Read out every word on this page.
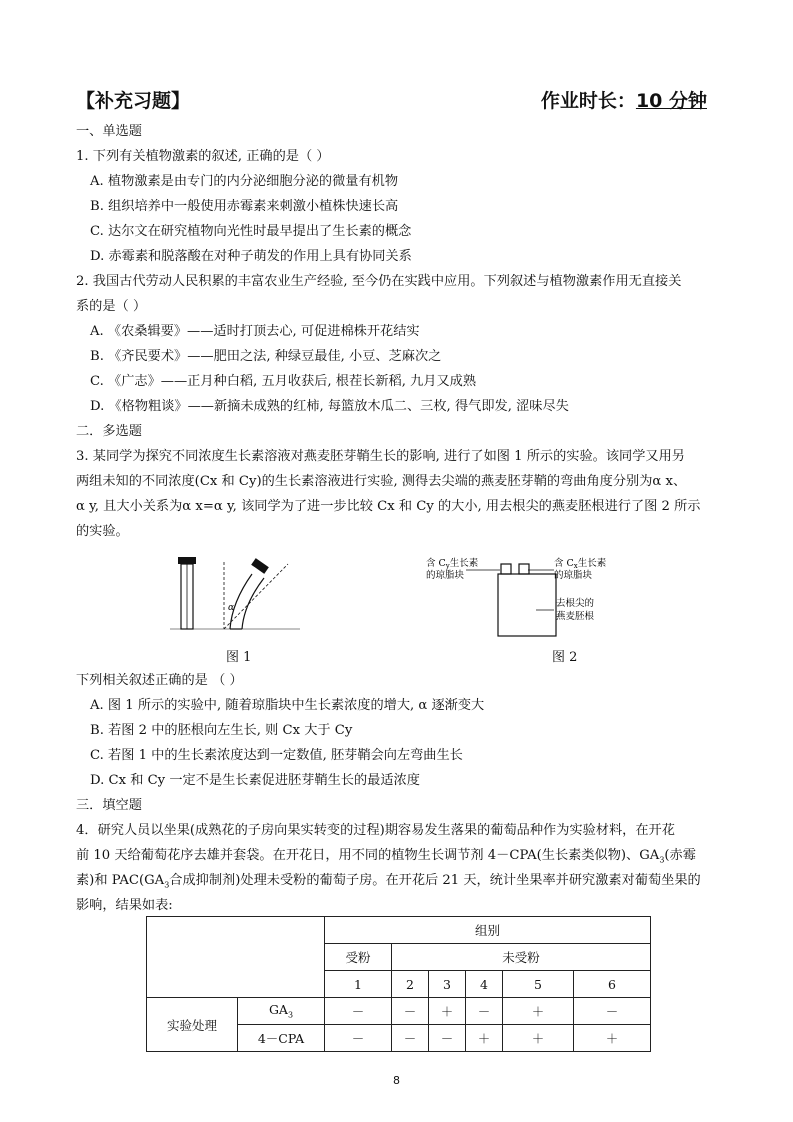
【补充习题】	作业时长：10 分钟
一、单选题
1. 下列有关植物激素的叙述, 正确的是（ ）
A. 植物激素是由专门的内分泌细胞分泌的微量有机物
B. 组织培养中一般使用赤霉素来刺激小植株快速长高
C. 达尔文在研究植物向光性时最早提出了生长素的概念
D. 赤霉素和脱落酸在对种子萌发的作用上具有协同关系
2. 我国古代劳动人民积累的丰富农业生产经验, 至今仍在实践中应用。下列叙述与植物激素作用无直接关
系的是（ ）
A. 《农桑辑要》——适时打顶去心, 可促进棉株开花结实
B. 《齐民要术》——肥田之法, 种绿豆最佳, 小豆、芝麻次之
C. 《广志》——正月种白稻, 五月收获后, 根茬长新稻, 九月又成熟
D. 《格物粗谈》——新摘未成熟的红柿, 每篮放木瓜二、三枚, 得气即发, 涩味尽失
二．多选题
3. 某同学为探究不同浓度生长素溶液对燕麦胚芽鞘生长的影响, 进行了如图 1 所示的实验。该同学又用另
两组未知的不同浓度(Cx 和 Cy)的生长素溶液进行实验, 测得去尖端的燕麦胚芽鞘的弯曲角度分别为α x、
α y, 且大小关系为α x=α y, 该同学为了进一步比较 Cx 和 Cy 的大小, 用去根尖的燕麦胚根进行了图 2 所示
的实验。
α
图 1
含 $C_y$生长素
的琼脂块
含 $C_x$生长素
的琼脂块
去根尖的
燕麦胚根
图 2
下列相关叙述正确的是 （ ）
A. 图 1 所示的实验中, 随着琼脂块中生长素浓度的增大, α 逐渐变大
B. 若图 2 中的胚根向左生长, 则 Cx 大于 Cy
C. 若图 1 中的生长素浓度达到一定数值, 胚芽鞘会向左弯曲生长
D. Cx 和 Cy 一定不是生长素促进胚芽鞘生长的最适浓度
三．填空题
4．研究人员以坐果(成熟花的子房向果实转变的过程)期容易发生落果的葡萄品种作为实验材料，在开花
前 10 天给葡萄花序去雄并套袋。在开花日，用不同的植物生长调节剂 4－CPA(生长素类似物)、$GA_3$(赤霉
素)和 $PAC(GA_3$合成抑制剂)处理未受粉的葡萄子房。在开花后 21 天，统计坐果率并研究激素对葡萄坐果的
影响，结果如表:
		组别					
		受粉	未受粉				
		1	2	3	4	5	6
实验处理	$GA_3$	－	－	＋	－	＋	－
	4－CPA	－	－	－	＋	＋	＋
8
